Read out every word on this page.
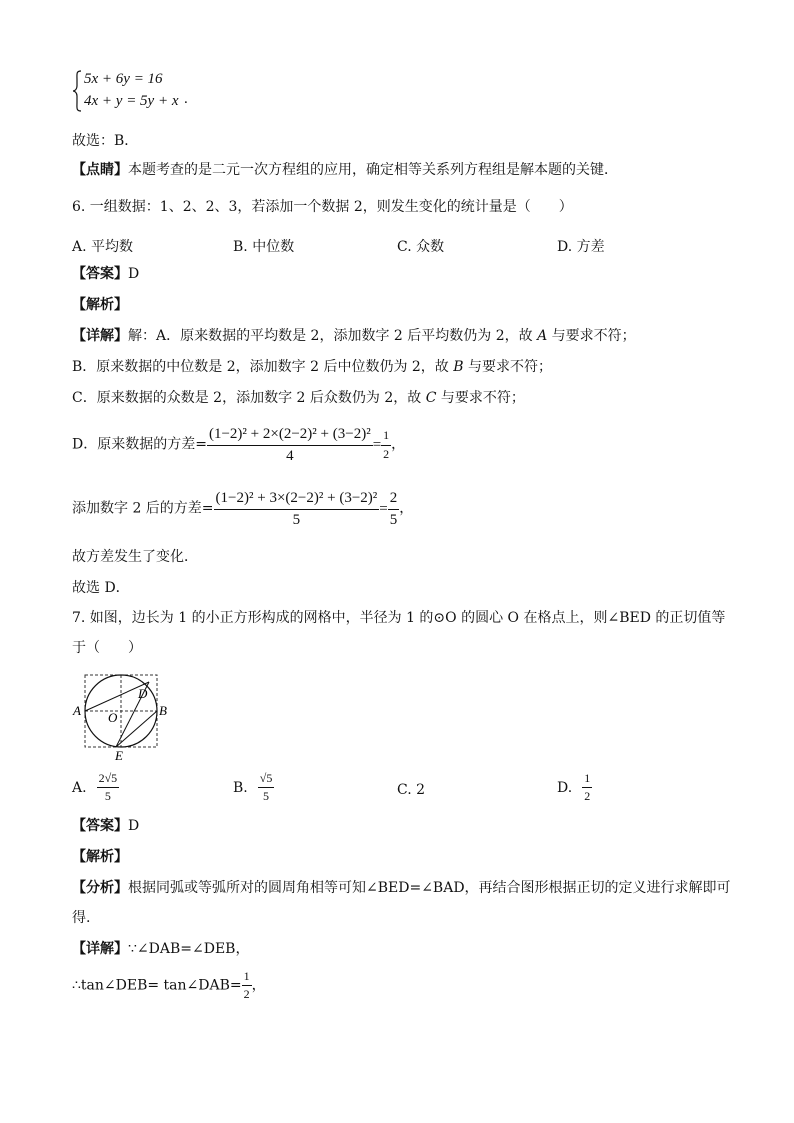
5x + 6y = 16
4x + y = 5y + x .
故选：B．
【点睛】本题考查的是二元一次方程组的应用，确定相等关系列方程组是解本题的关键．
6. 一组数据：1、2、2、3，若添加一个数据 2，则发生变化的统计量是（　　）
A. 平均数	B. 中位数	C. 众数	D. 方差
【答案】D
【解析】
【详解】解：A．原来数据的平均数是 2，添加数字 2 后平均数仍为 2，故 A 与要求不符；
B．原来数据的中位数是 2，添加数字 2 后中位数仍为 2，故 B 与要求不符；
C．原来数据的众数是 2，添加数字 2 后众数仍为 2，故 C 与要求不符；
D．原来数据的方差= $\frac{\text{(1−2)² + 2×(2−2)² + (3−2)²}}{4} = \frac{1}{2}$ ，
添加数字 2 后的方差= $\frac{\text{(1−2)² + 3×(2−2)² + (3−2)²}}{5} = \frac{2}{5}$ ，
故方差发生了变化．
故选 D．
7. 如图，边长为 1 的小正方形构成的网格中，半径为 1 的⊙O 的圆心 O 在格点上，则∠BED 的正切值等
于（　　）
A	B
D
O
E
A. $\frac{2√5}{5}$	B. $\frac{√5}{5}$	C. 2	D. $\frac{1}{2}$
【答案】D
【解析】
【分析】根据同弧或等弧所对的圆周角相等可知∠BED=∠BAD，再结合图形根据正切的定义进行求解即可
得.
【详解】∵∠DAB=∠DEB，
∴tan∠DEB= tan∠DAB= $\frac{1}{2}$ ，
